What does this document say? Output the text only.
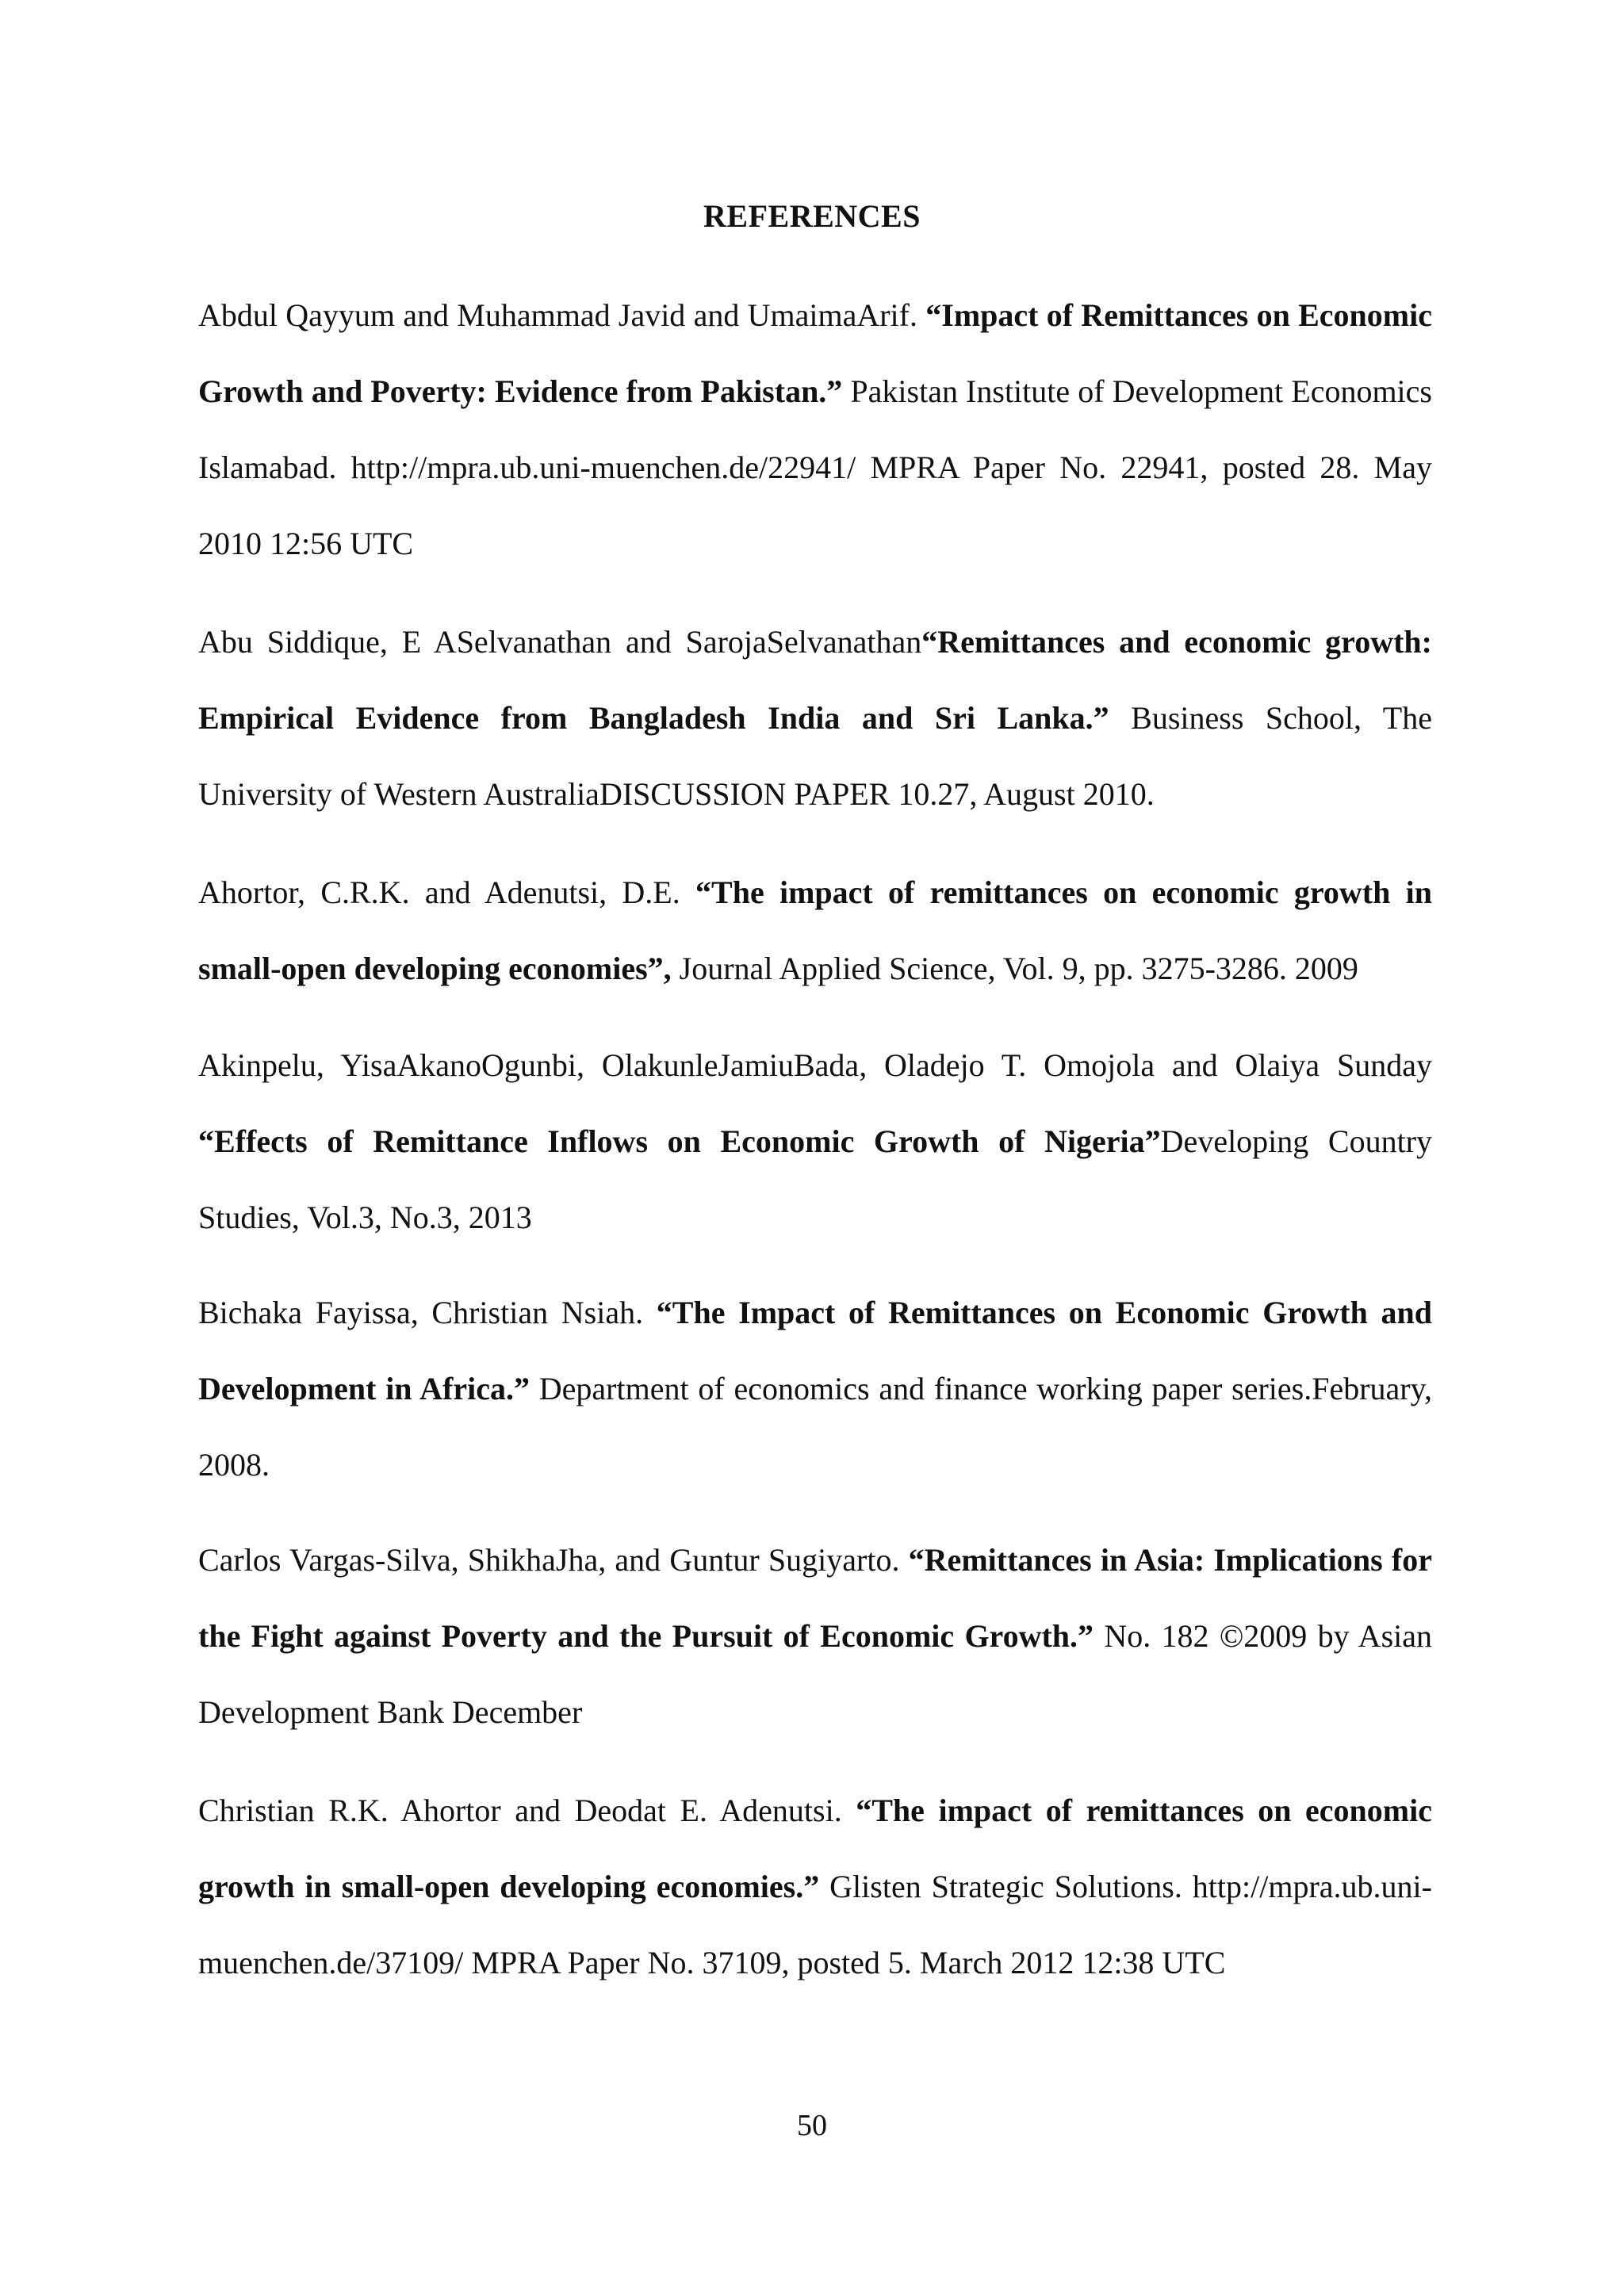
REFERENCES
Abdul Qayyum and Muhammad Javid and UmaimaArif. “Impact of Remittances on Economic Growth and Poverty: Evidence from Pakistan.” Pakistan Institute of Development Economics Islamabad. http://mpra.ub.uni-muenchen.de/22941/ MPRA Paper No. 22941, posted 28. May 2010 12:56 UTC
Abu Siddique, E ASelvanathan and SarojaSelvanathan“Remittances and economic growth: Empirical Evidence from Bangladesh India and Sri Lanka.” Business School, The University of Western AustraliaDISCUSSION PAPER 10.27, August 2010.
Ahortor, C.R.K. and Adenutsi, D.E. “The impact of remittances on economic growth in small-open developing economies”, Journal Applied Science, Vol. 9, pp. 3275-3286. 2009
Akinpelu, YisaAkanoOgunbi, OlakunleJamiuBada, Oladejo T. Omojola and Olaiya Sunday “Effects of Remittance Inflows on Economic Growth of Nigeria”Developing Country Studies, Vol.3, No.3, 2013
Bichaka Fayissa, Christian Nsiah. “The Impact of Remittances on Economic Growth and Development in Africa.” Department of economics and finance working paper series.February, 2008.
Carlos Vargas-Silva, ShikhaJha, and Guntur Sugiyarto. “Remittances in Asia: Implications for the Fight against Poverty and the Pursuit of Economic Growth.” No. 182 ©2009 by Asian Development Bank December
Christian R.K. Ahortor and Deodat E. Adenutsi. “The impact of remittances on economic growth in small-open developing economies.” Glisten Strategic Solutions. http://mpra.ub.uni-muenchen.de/37109/ MPRA Paper No. 37109, posted 5. March 2012 12:38 UTC
50
